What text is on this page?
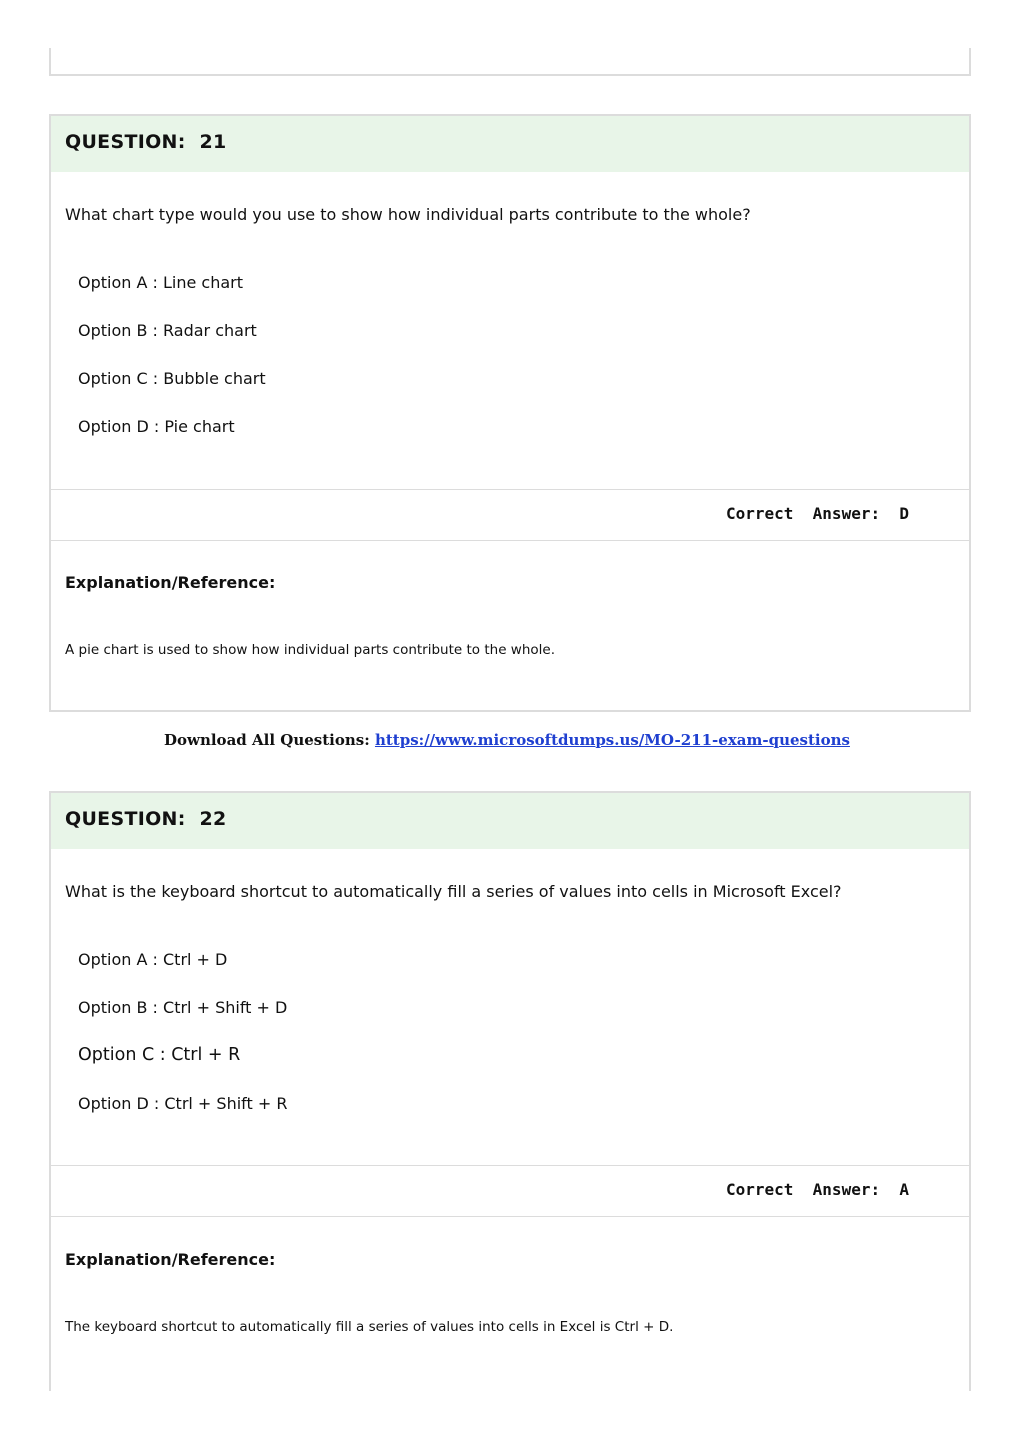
QUESTION:  21
What chart type would you use to show how individual parts contribute to the whole?
Option A : Line chart
Option B : Radar chart
Option C : Bubble chart
Option D : Pie chart
Correct  Answer:  D
Explanation/Reference:
A pie chart is used to show how individual parts contribute to the whole.
Download All Questions: https://www.microsoftdumps.us/MO-211-exam-questions
QUESTION:  22
What is the keyboard shortcut to automatically fill a series of values into cells in Microsoft Excel?
Option A : Ctrl + D
Option B : Ctrl + Shift + D
Option C : Ctrl + R
Option D : Ctrl + Shift + R
Correct  Answer:  A
Explanation/Reference:
The keyboard shortcut to automatically fill a series of values into cells in Excel is Ctrl + D.
